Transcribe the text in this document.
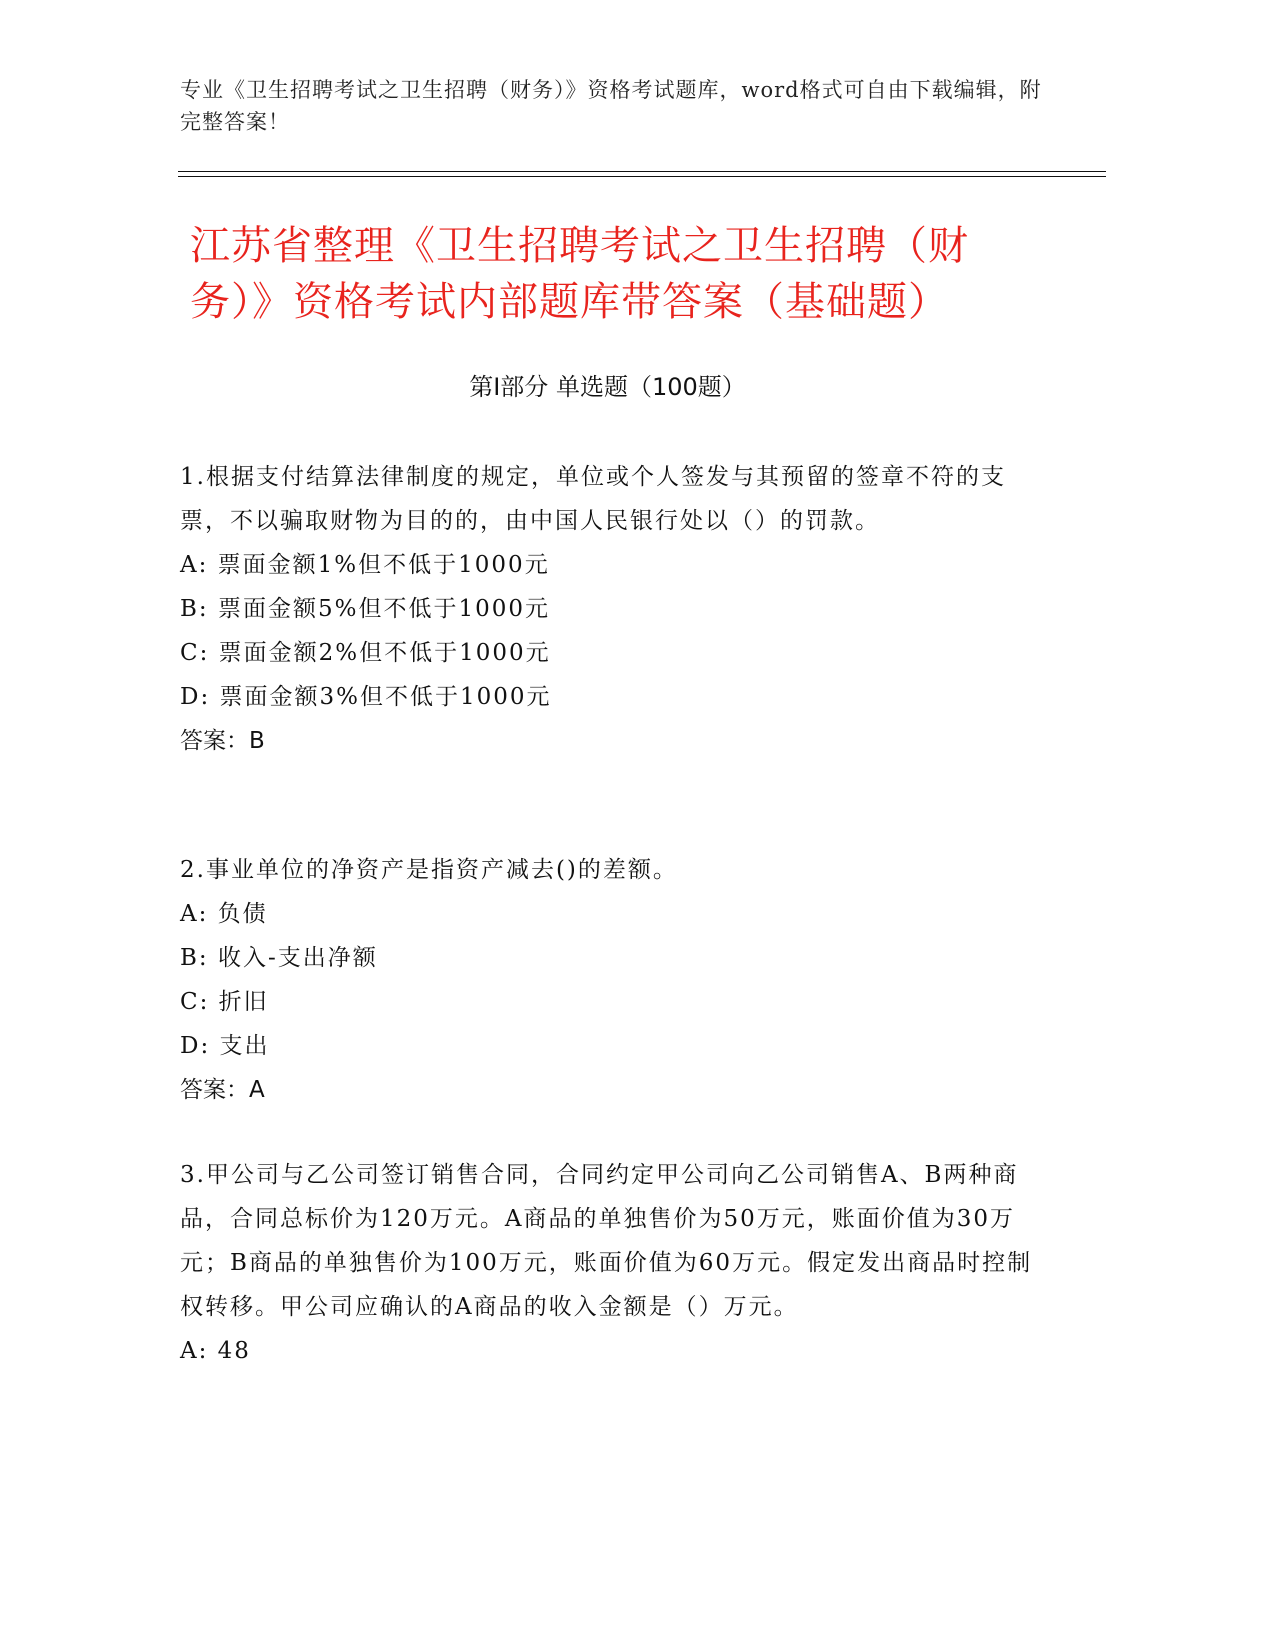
专业《卫生招聘考试之卫生招聘（财务）》资格考试题库，word格式可自由下载编辑，附完整答案！
江苏省整理《卫生招聘考试之卫生招聘（财务）》资格考试内部题库带答案（基础题）
第I部分 单选题（100题）

1.根据支付结算法律制度的规定，单位或个人签发与其预留的签章不符的支票，不以骗取财物为目的的，由中国人民银行处以（）的罚款。

A: 票面金额1%但不低于1000元

B: 票面金额5%但不低于1000元

C: 票面金额2%但不低于1000元

D: 票面金额3%但不低于1000元

答案：B

2.事业单位的净资产是指资产减去()的差额。

A: 负债

B: 收入-支出净额

C: 折旧

D: 支出

答案：A

3.甲公司与乙公司签订销售合同，合同约定甲公司向乙公司销售A、B两种商品，合同总标价为120万元。A商品的单独售价为50万元，账面价值为30万元；B商品的单独售价为100万元，账面价值为60万元。假定发出商品时控制权转移。甲公司应确认的A商品的收入金额是（）万元。

A: 48
